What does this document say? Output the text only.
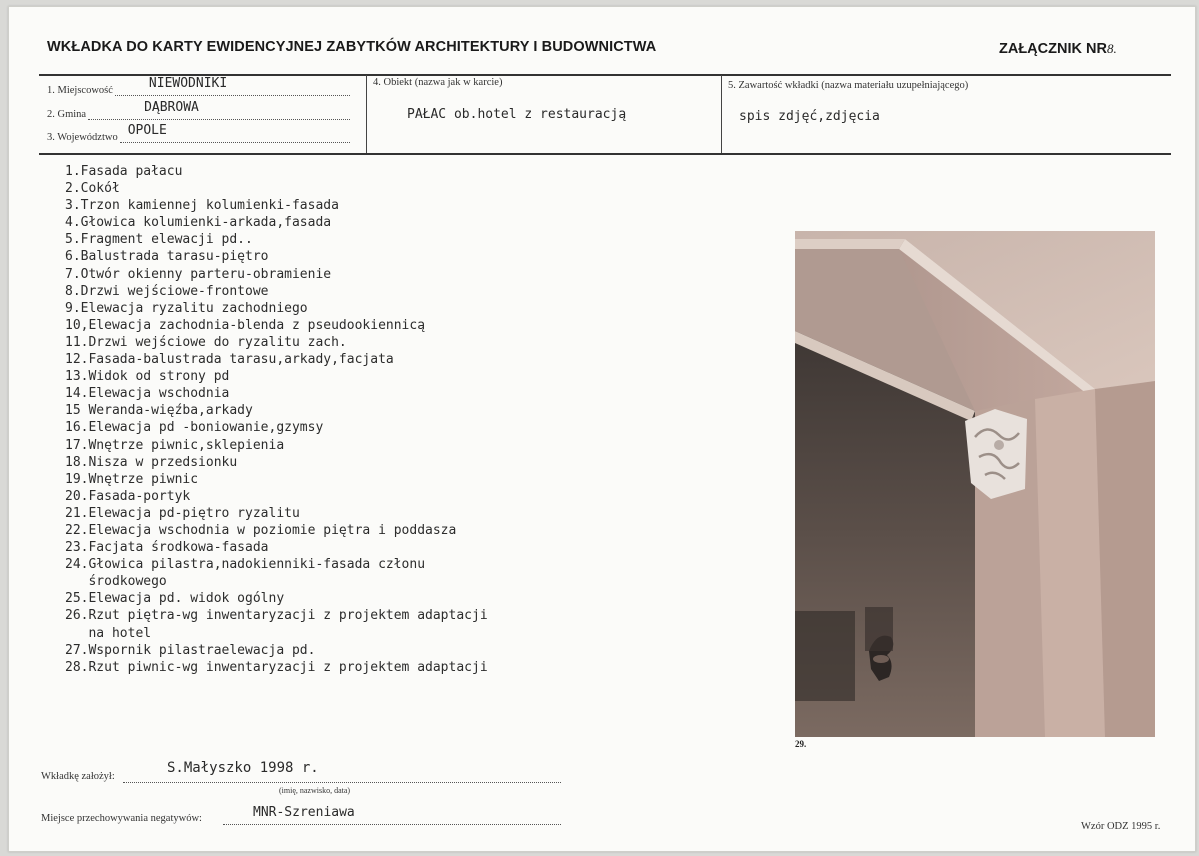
WKŁADKA DO KARTY EWIDENCYJNEJ ZABYTKÓW ARCHITEKTURY I BUDOWNICTWA	ZAŁĄCZNIK NR8.
1. Miejscowość	NIEWODNIKI
2. Gmina	DĄBROWA
3. Województwo OPOLE
4. Obiekt (nazwa jak w karcie)
PAŁAC ob.hotel z restauracją
5. Zawartość wkładki (nazwa materiału uzupełniającego)
spis zdjęć,zdjęcia
1.Fasada pałacu
2.Cokół
3.Trzon kamiennej kolumienki-fasada
4.Głowica kolumienki-arkada,fasada
5.Fragment elewacji pd..
6.Balustrada tarasu-piętro
7.Otwór okienny parteru-obramienie
8.Drzwi wejściowe-frontowe
9.Elewacja ryzalitu zachodniego
10,Elewacja zachodnia-blenda z pseudookiennicą
11.Drzwi wejściowe do ryzalitu zach.
12.Fasada-balustrada tarasu,arkady,facjata
13.Widok od strony pd
14.Elewacja wschodnia
15 Weranda-więźba,arkady
16.Elewacja pd -boniowanie,gzymsy
17.Wnętrze piwnic,sklepienia
18.Nisza w przedsionku
19.Wnętrze piwnic
20.Fasada-portyk
21.Elewacja pd-piętro ryzalitu
22.Elewacja wschodnia w poziomie piętra i poddasza
23.Facjata środkowa-fasada
24.Głowica pilastra,nadokienniki-fasada członu
środkowego
25.Elewacja pd. widok ogólny
26.Rzut piętra-wg inwentaryzacji z projektem adaptacji
na hotel
27.Wspornik pilastraelewacja pd.
28.Rzut piwnic-wg inwentaryzacji z projektem adaptacji
29.
Wkładkę założył:
S.Małyszko 1998 r.
(imię, nazwisko, data)
Miejsce przechowywania negatywów:	MNR-Szreniawa
Wzór ODZ 1995 r.
